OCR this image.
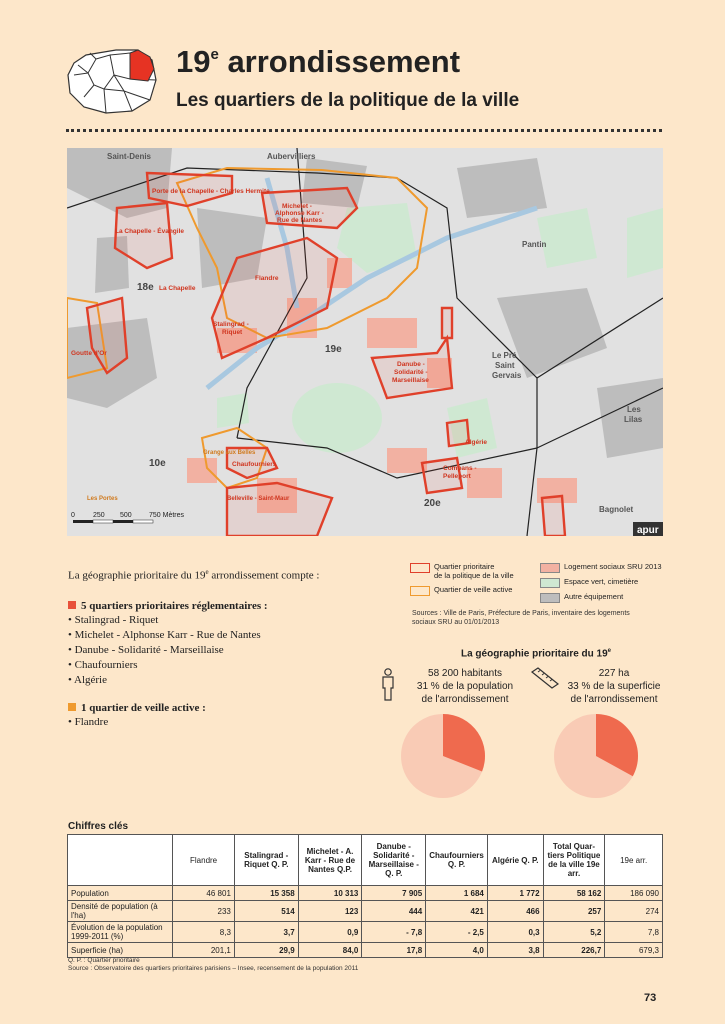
19e arrondissement
Les quartiers de la politique de la ville
Saint-Denis	Aubervilliers
Pantin
Le Pré
Saint
Gervais
Les
Lilas
Bagnolet
18e
19e
10e
20e
Porte de la Chapelle - Charles Hermite
Michelet -
Alphonse Karr -
Rue de Nantes
La Chapelle - Évangile
La Chapelle
Flandre
Stalingrad -
Riquet
Goutte d'Or
Danube -
Solidarité -
Marseillaise
Algérie
Chaufourniers
Grange aux Belles
Compans -
Pelleport
Les Portes	Belleville - Saint-Maur
0	250 500 750 Mètres
apur
La géographie prioritaire du 19e arrondissement compte :
5 quartiers prioritaires réglementaires :
• Stalingrad - Riquet
• Michelet - Alphonse Karr - Rue de Nantes
• Danube - Solidarité - Marseillaise
• Chaufourniers
• Algérie
1 quartier de veille active :
• Flandre
Quartier prioritaire
de la politique de la ville
Quartier de veille active
Logement sociaux SRU 2013
Espace vert, cimetière
Autre équipement
Sources : Ville de Paris, Préfecture de Paris, inventaire des logements
sociaux SRU au 01/01/2013
La géographie prioritaire du 19e
58 200 habitants
31 % de la population
de l'arrondissement
227 ha
33 % de la superficie
de l'arrondissement
Chiffres clés
	Flandre	Stalingrad - Riquet Q. P.	Michelet - A. Karr - Rue de Nantes Q.P.	Danube - Solidarité - Marseillaise - Q. P.	Chaufourniers Q. P.	Algérie Q. P.	Total Quar- tiers Politique de la ville 19e arr.	19e arr.
Population	46 801	15 358	10 313	7 905	1 684	1 772	58 162	186 090
Densité de population (à l'ha)	233	514	123	444	421	466	257	274
Évolution de la population 1999-2011 (%)	8,3	3,7	0,9	- 7,8	- 2,5	0,3	5,2	7,8
Superficie (ha)	201,1	29,9	84,0	17,8	4,0	3,8	226,7	679,3
Q. P. : Quartier prioritaire
Source : Observatoire des quartiers prioritaires parisiens – Insee, recensement de la population 2011
73
